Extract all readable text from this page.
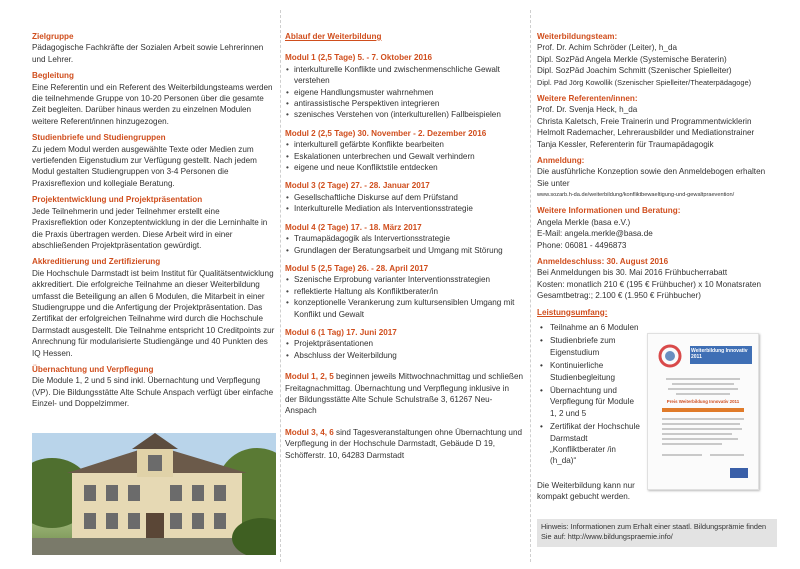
Zielgruppe

Pädagogische Fachkräfte der Sozialen Arbeit sowie Lehrerinnen und Lehrer.

Begleitung

Eine Referentin und ein Referent des Weiterbildungsteams werden die teilnehmende Gruppe von 10-20 Personen über die gesamte Zeit begleiten. Darüber hinaus werden zu einzelnen Modulen weitere Referent/innen hinzugezogen.

Studienbriefe und Studiengruppen

Zu jedem Modul werden ausgewählte Texte oder Medien zum vertiefenden Eigenstudium zur Verfügung gestellt. Nach jedem Modul gestalten Studiengruppen von 3-4 Personen die Praxisreflexion und kollegiale Beratung.

Projektentwicklung und Projektpräsentation

Jede Teilnehmerin und jeder Teilnehmer erstellt eine Praxisreflektion oder Konzeptentwicklung in der die Lerninhalte in die Praxis übertragen werden. Diese Arbeit wird in einer abschließenden Projektpräsentation gewürdigt.

Akkreditierung und Zertifizierung

Die Hochschule Darmstadt ist beim Institut für Qualitätsentwicklung akkreditiert. Die erfolgreiche Teilnahme an dieser Weiterbildung umfasst die Beteiligung an allen 6 Modulen, die Mitarbeit in einer Studiengruppe und die Anfertigung der Projektpräsentation. Das Zertifikat der erfolgreichen Teilnahme wird durch die Hochschule Darmstadt ausgestellt. Die Teilnahme entspricht 10 Creditpoints zur Anrechnung für modularisierte Studiengänge und 40 Punkten des IQ Hessen.

Übernachtung und Verpflegung

Die Module 1, 2 und 5 sind inkl. Übernachtung und Verpflegung (VP). Die Bildungsstätte Alte Schule Anspach verfügt über einfache Einzel- und Doppelzimmer.

Ablauf der Weiterbildung

Modul 1 (2,5 Tage) 5. - 7. Oktober 2016

• interkulturelle Konflikte und zwischenmenschliche Gewalt verstehen
• eigene Handlungsmuster wahrnehmen
• antirassistische Perspektiven integrieren
• szenisches Verstehen von (interkulturellen) Fallbeispielen

Modul 2 (2,5 Tage) 30. November - 2. Dezember 2016

• interkulturell gefärbte Konflikte bearbeiten
• Eskalationen unterbrechen und Gewalt verhindern
• eigene und neue Konfliktstile entdecken

Modul 3 (2 Tage) 27. - 28. Januar 2017

• Gesellschaftliche Diskurse auf dem Prüfstand
• Interkulturelle Mediation als Interventionsstrategie

Modul 4 (2 Tage) 17. - 18. März 2017

• Traumapädagogik als Intervertionsstrategie
• Grundlagen der Beratungsarbeit und Umgang mit Störung

Modul 5 (2,5 Tage) 26. - 28. April 2017

• Szenische Erprobung varianter Interventionsstrategien
• reflektierte Haltung als Konfliktberater/in
• konzeptionelle Verankerung zum kultursensiblen Umgang mit Konflikt und Gewalt

Modul 6 (1 Tag) 17. Juni 2017

• Projektpräsentationen
• Abschluss der Weiterbildung

Modul 1, 2, 5 beginnen jeweils Mittwochnachmittag und schließen Freitagnachmittag. Übernachtung und Verpflegung inklusive in der Bildungsstätte Alte Schule Schulstraße 3, 61267 Neu-Anspach

Modul 3, 4, 6 sind Tagesveranstaltungen ohne Übernachtung und Verpflegung in der Hochschule Darmstadt, Gebäude D 19, Schöfferstr. 10, 64283 Darmstadt

Weiterbildungsteam:

Prof. Dr. Achim Schröder (Leiter), h_da

Dipl. SozPäd Angela Merkle (Systemische Beraterin)

Dipl. SozPäd Joachim Schmitt (Szenischer Spielleiter)

Dipl. Päd Jörg Kowollik (Szenischer Spielleiter/Theaterpädagoge)

Weitere Referenten/innen:

Prof. Dr. Svenja Heck, h_da

Christa Kaletsch, Freie Trainerin und Programmentwicklerin

Helmolt Rademacher, Lehrerausbilder und Mediationstrainer

Tanja Kessler, Referenterin für Traumapädagogik

Anmeldung:

Die ausführliche Konzeption sowie den Anmeldebogen erhalten Sie unter

www.sozarb.h-da.de/weiterbildung/konfliktbewaeltigung-und-gewaltpraevention/

Weitere Informationen und Beratung:

Angela Merkle (basa e.V.)

E-Mail: angela.merkle@basa.de

Phone: 06081 - 4496873

Anmeldeschluss: 30. August 2016

Bei Anmeldungen bis 30. Mai 2016 Frühbucherrabatt

Kosten: monatlich 210 € (195 € Frühbucher) x 10 Monatsraten

Gesamtbetrag:; 2.100 € (1.950 € Frühbucher)

Leistungsumfang:

• Teilnahme an 6 Modulen
• Studienbriefe zum Eigenstudium
• Kontinuierliche Studienbegleitung
• Übernachtung und Verpflegung für Module 1, 2 und 5
• Zertifikat der Hochschule Darmstadt „Konfliktberater /in (h_da)“

Die Weiterbildung kann nur kompakt gebucht werden.

Weiterbildung Innovativ 2011
Preis Weiterbildung Innovativ 2011
Hinweis: Informationen zum Erhalt einer staatl. Bildungsprämie finden Sie auf: http://www.bildungspraemie.info/
